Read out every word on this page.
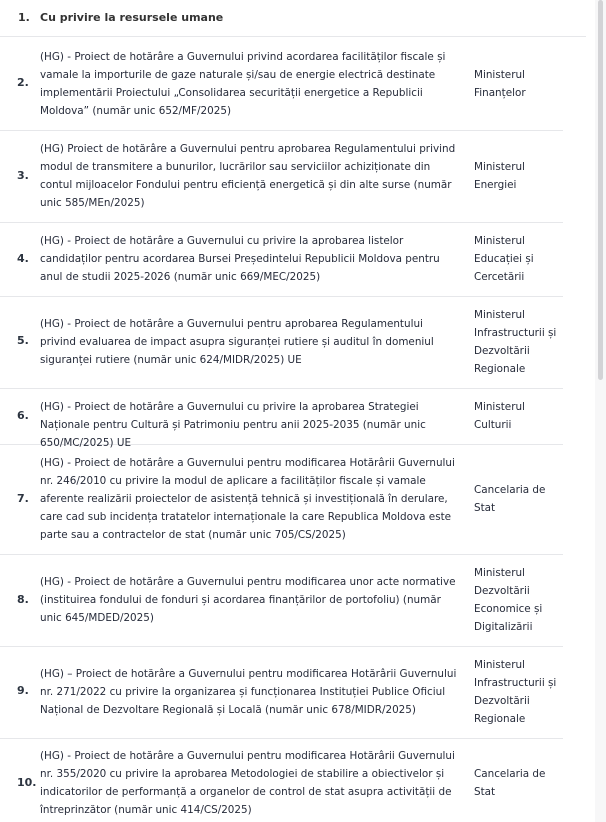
1. Cu privire la resursele umane
2.
(HG) - Proiect de hotărâre a Guvernului privind acordarea facilităților fiscale și vamale la importurile de gaze naturale și/sau de energie electrică destinate implementării Proiectului „Consolidarea securității energetice a Republicii Moldova” (număr unic 652/MF/2025)
Ministerul Finanțelor
3.
(HG) Proiect de hotărâre a Guvernului pentru aprobarea Regulamentului privind modul de transmitere a bunurilor, lucrărilor sau serviciilor achiziționate din contul mijloacelor Fondului pentru eficiență energetică și din alte surse (număr unic 585/MEn/2025)
Ministerul Energiei
4.
(HG) - Proiect de hotărâre a Guvernului cu privire la aprobarea listelor candidaților pentru acordarea Bursei Președintelui Republicii Moldova pentru anul de studii 2025-2026 (număr unic 669/MEC/2025)
Ministerul Educației și Cercetării
5.
(HG) - Proiect de hotărâre a Guvernului pentru aprobarea Regulamentului privind evaluarea de impact asupra siguranței rutiere și auditul în domeniul siguranței rutiere (număr unic 624/MIDR/2025) UE
Ministerul Infrastructurii și Dezvoltării Regionale
6.
(HG) - Proiect de hotărâre a Guvernului cu privire la aprobarea Strategiei Naționale pentru Cultură și Patrimoniu pentru anii 2025-2035 (număr unic 650/MC/2025) UE
Ministerul Culturii
7.
(HG) - Proiect de hotărâre a Guvernului pentru modificarea Hotărârii Guvernului nr. 246/2010 cu privire la modul de aplicare a facilităților fiscale și vamale aferente realizării proiectelor de asistență tehnică și investițională în derulare, care cad sub incidența tratatelor internaționale la care Republica Moldova este parte sau a contractelor de stat (număr unic 705/CS/2025)
Cancelaria de Stat
8.
(HG) - Proiect de hotărâre a Guvernului pentru modificarea unor acte normative (instituirea fondului de fonduri și acordarea finanțărilor de portofoliu) (număr unic 645/MDED/2025)
Ministerul Dezvoltării Economice și Digitalizării
9.
(HG) – Proiect de hotărâre a Guvernului pentru modificarea Hotărârii Guvernului nr. 271/2022 cu privire la organizarea și funcționarea Instituției Publice Oficiul Național de Dezvoltare Regională și Locală (număr unic 678/MIDR/2025)
Ministerul Infrastructurii și Dezvoltării Regionale
10.
(HG) - Proiect de hotărâre a Guvernului pentru modificarea Hotărârii Guvernului nr. 355/2020 cu privire la aprobarea Metodologiei de stabilire a obiectivelor și indicatorilor de performanță a organelor de control de stat asupra activității de întreprinzător (număr unic 414/CS/2025)
Cancelaria de Stat
